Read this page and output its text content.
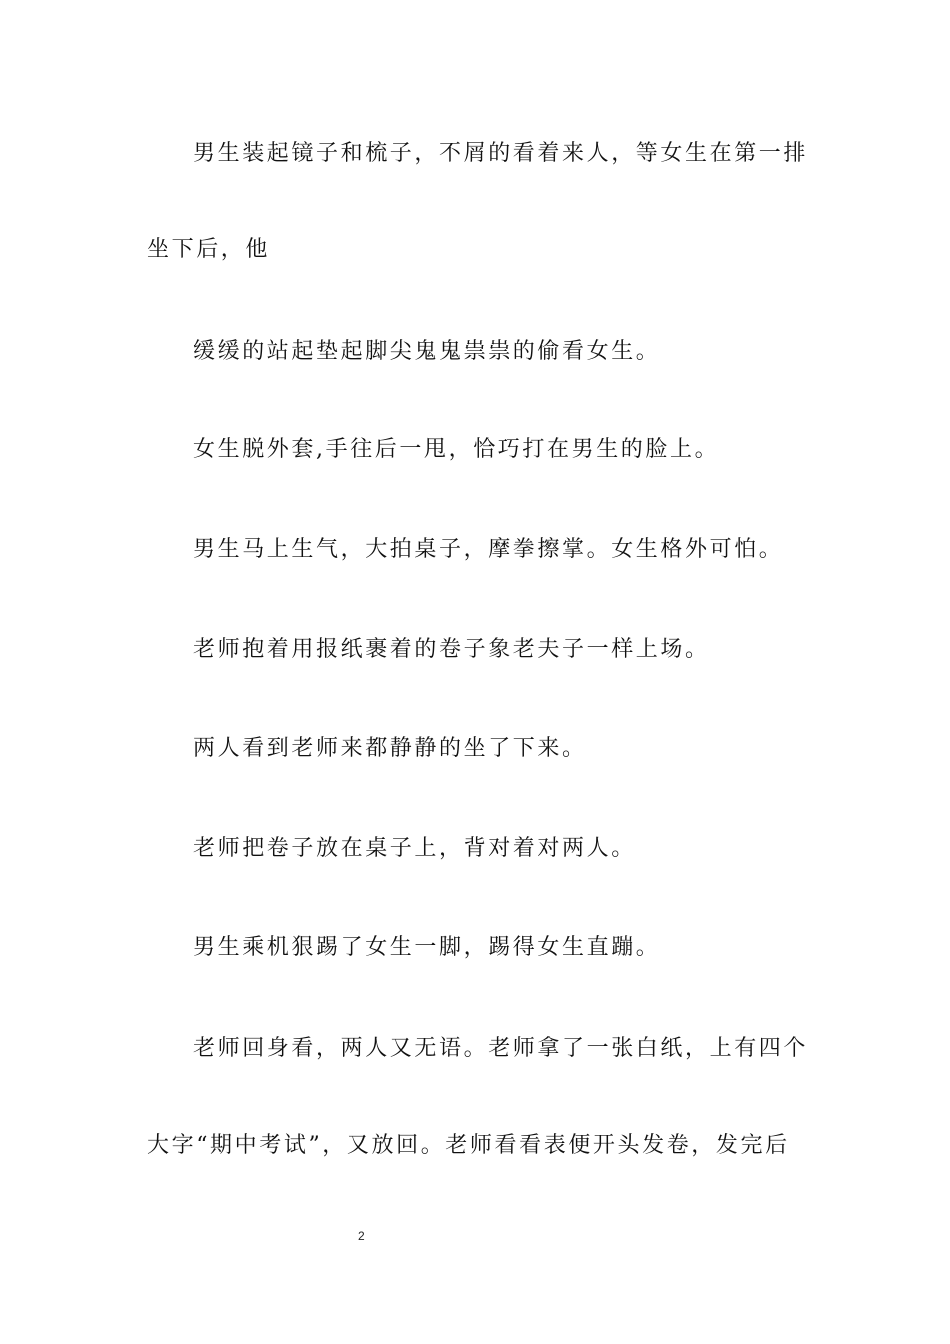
男生装起镜子和梳子，不屑的看着来人，等女生在第一排
坐下后，他
缓缓的站起垫起脚尖鬼鬼祟祟的偷看女生。
女生脱外套,手往后一甩，恰巧打在男生的脸上。
男生马上生气，大拍桌子，摩拳擦掌。女生格外可怕。
老师抱着用报纸裹着的卷子象老夫子一样上场。
两人看到老师来都静静的坐了下来。
老师把卷子放在桌子上，背对着对两人。
男生乘机狠踢了女生一脚，踢得女生直蹦。
老师回身看，两人又无语。老师拿了一张白纸，上有四个
大字“期中考试”，又放回。老师看看表便开头发卷，发完后
2
